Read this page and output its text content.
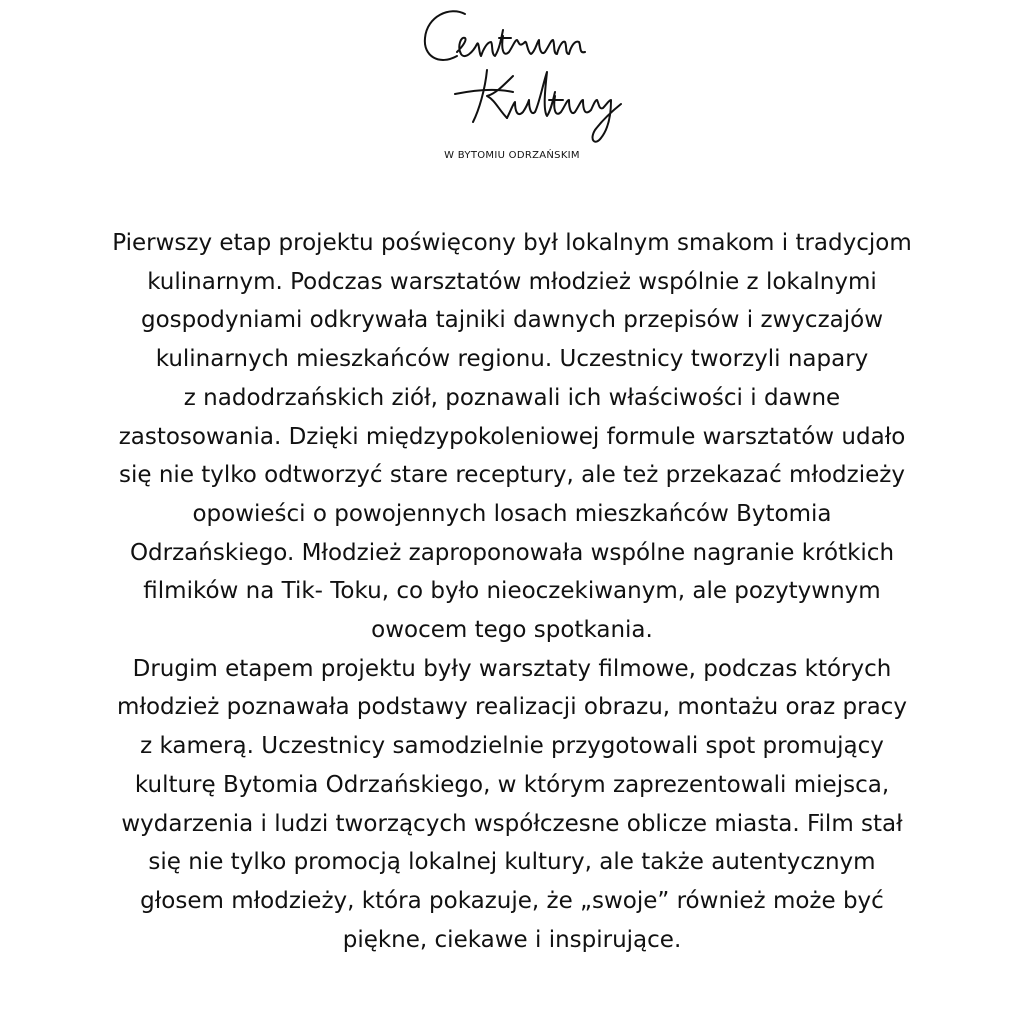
W BYTOMIU ODRZAŃSKIM

Pierwszy etap projektu poświęcony był lokalnym smakom i tradycjom
kulinarnym. Podczas warsztatów młodzież wspólnie z lokalnymi
gospodyniami odkrywała tajniki dawnych przepisów i zwyczajów
kulinarnych mieszkańców regionu. Uczestnicy tworzyli napary
z nadodrzańskich ziół, poznawali ich właściwości i dawne
zastosowania. Dzięki międzypokoleniowej formule warsztatów udało
się nie tylko odtworzyć stare receptury, ale też przekazać młodzieży
opowieści o powojennych losach mieszkańców Bytomia
Odrzańskiego. Młodzież zaproponowała wspólne nagranie krótkich
filmików na Tik- Toku, co było nieoczekiwanym, ale pozytywnym
owocem tego spotkania.

Drugim etapem projektu były warsztaty filmowe, podczas których
młodzież poznawała podstawy realizacji obrazu, montażu oraz pracy
z kamerą. Uczestnicy samodzielnie przygotowali spot promujący
kulturę Bytomia Odrzańskiego, w którym zaprezentowali miejsca,
wydarzenia i ludzi tworzących współczesne oblicze miasta. Film stał
się nie tylko promocją lokalnej kultury, ale także autentycznym
głosem młodzieży, która pokazuje, że „swoje” również może być
piękne, ciekawe i inspirujące.
